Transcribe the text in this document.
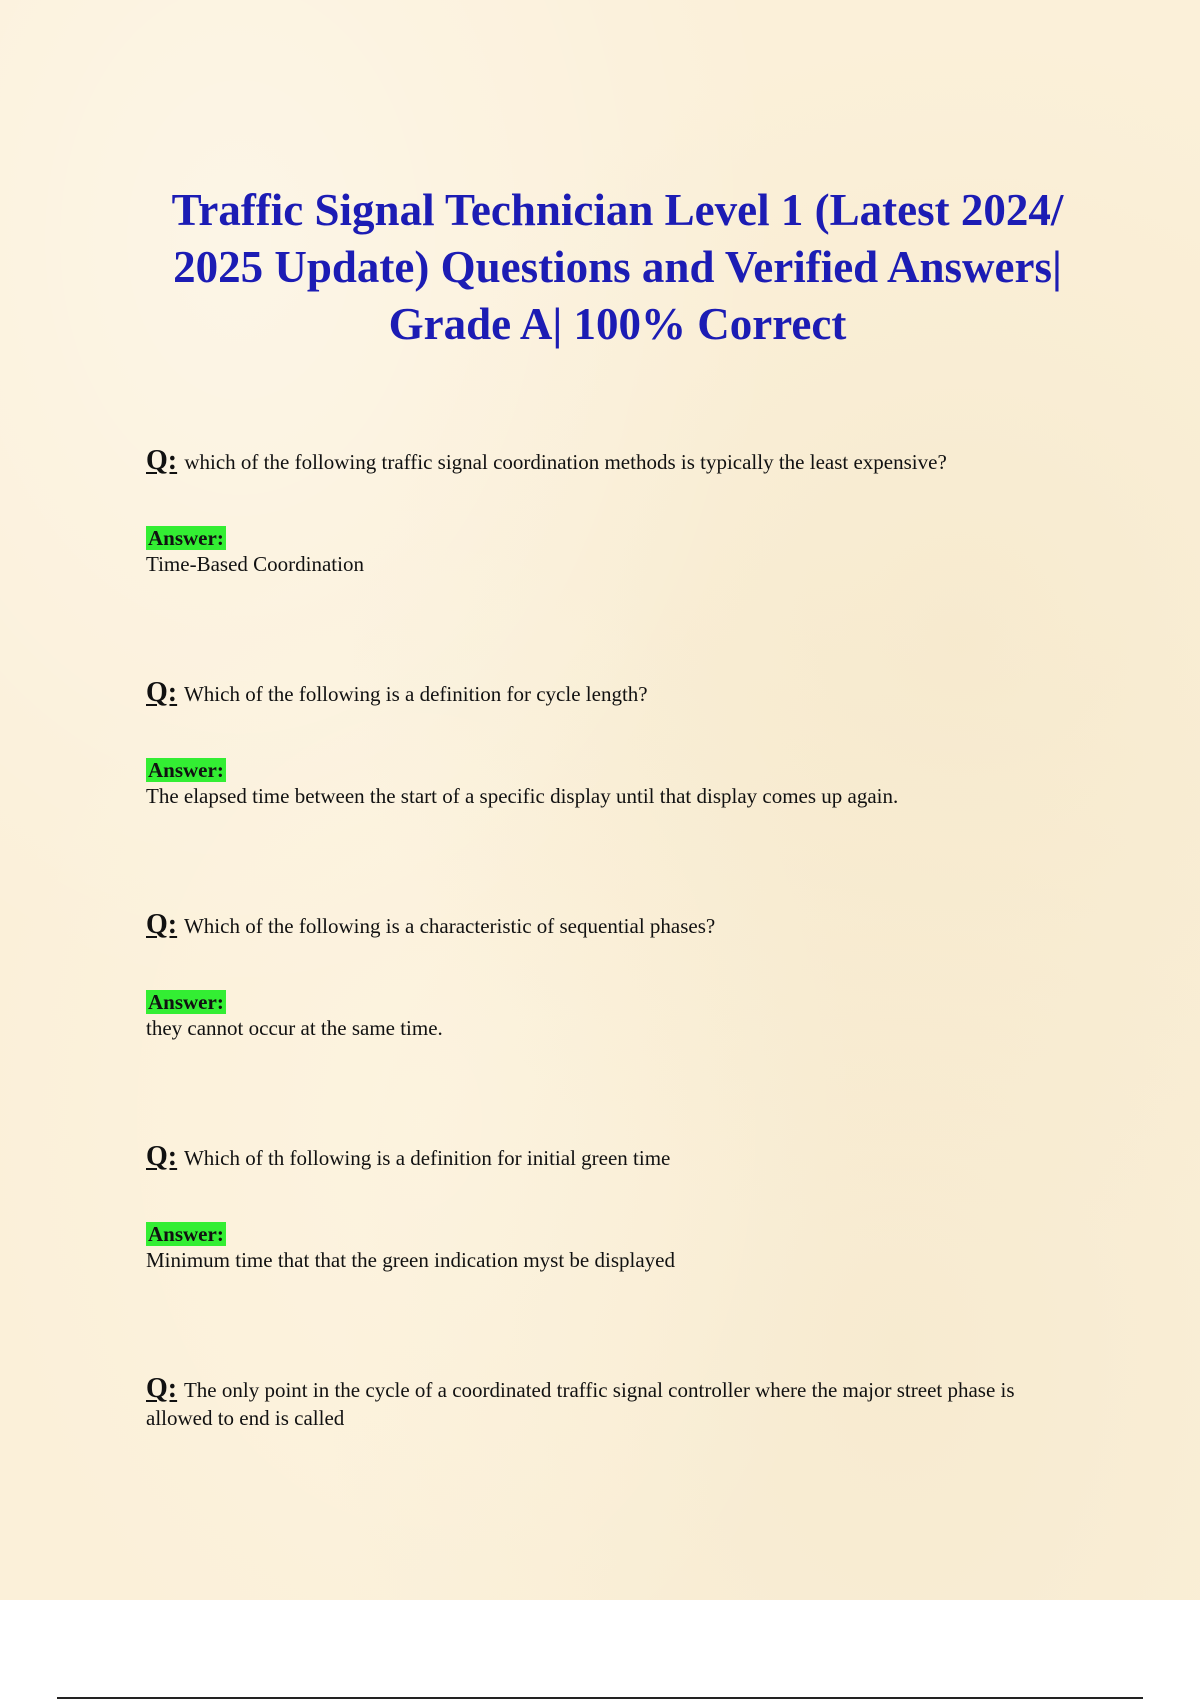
Traffic Signal Technician Level 1 (Latest 2024/ 2025 Update) Questions and Verified Answers| Grade A| 100% Correct

Q: which of the following traffic signal coordination methods is typically the least expensive?

Answer:

Time-Based Coordination

Q: Which of the following is a definition for cycle length?

Answer:

The elapsed time between the start of a specific display until that display comes up again.

Q: Which of the following is a characteristic of sequential phases?

Answer:

they cannot occur at the same time.

Q: Which of th following is a definition for initial green time

Answer:

Minimum time that that the green indication myst be displayed

Q: The only point in the cycle of a coordinated traffic signal controller where the major street phase is allowed to end is called
